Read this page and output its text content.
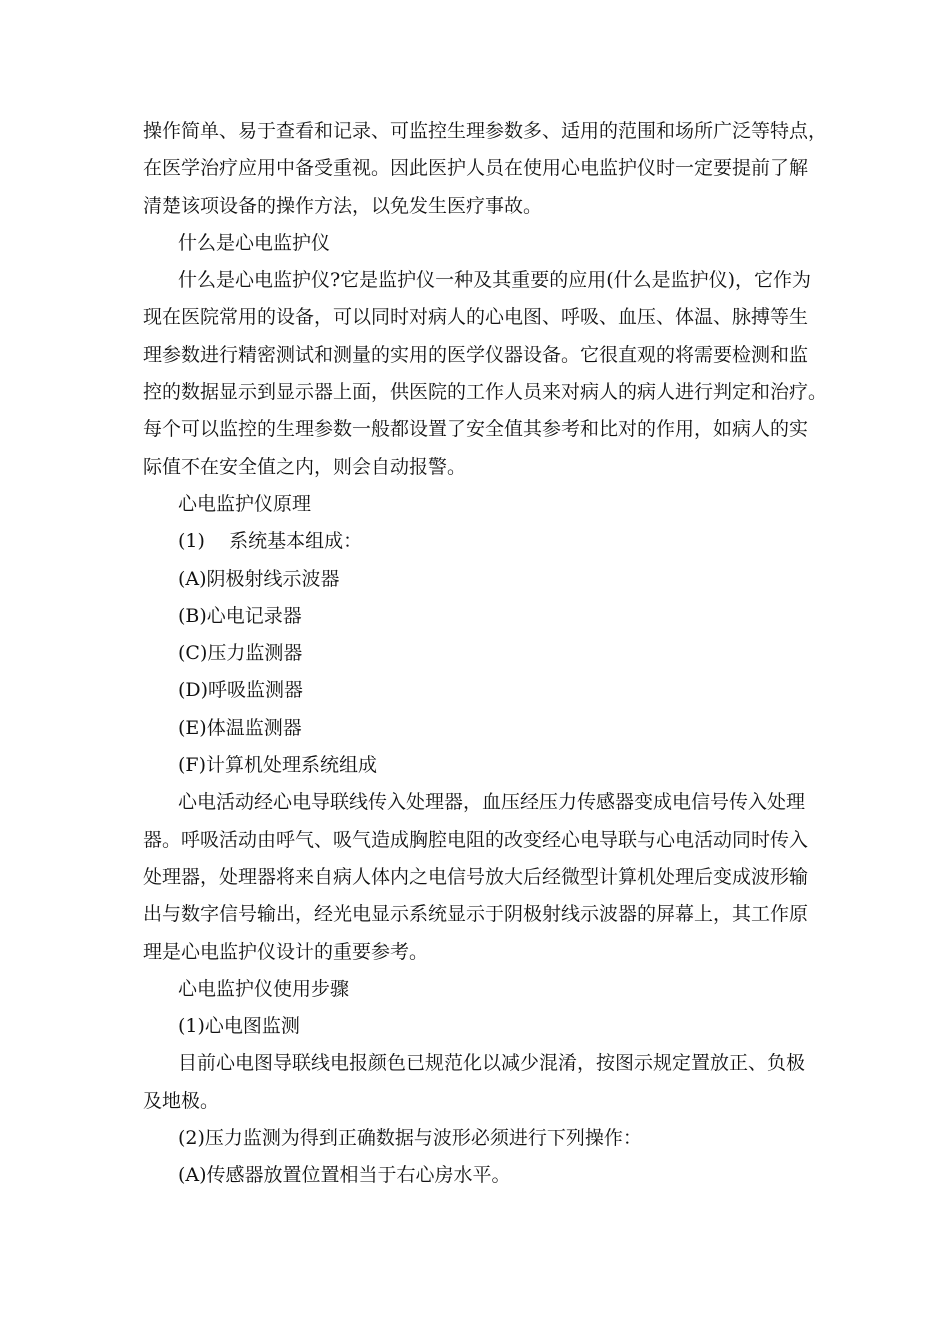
操作简单、易于查看和记录、可监控生理参数多、适用的范围和场所广泛等特点，

在医学治疗应用中备受重视。因此医护人员在使用心电监护仪时一定要提前了解

清楚该项设备的操作方法，以免发生医疗事故。

什么是心电监护仪

什么是心电监护仪?它是监护仪一种及其重要的应用(什么是监护仪)，它作为

现在医院常用的设备，可以同时对病人的心电图、呼吸、血压、体温、脉搏等生

理参数进行精密测试和测量的实用的医学仪器设备。它很直观的将需要检测和监

控的数据显示到显示器上面，供医院的工作人员来对病人的病人进行判定和治疗。

每个可以监控的生理参数一般都设置了安全值其参考和比对的作用，如病人的实

际值不在安全值之内，则会自动报警。

心电监护仪原理

(1)    系统基本组成：

(A)阴极射线示波器

(B)心电记录器

(C)压力监测器

(D)呼吸监测器

(E)体温监测器

(F)计算机处理系统组成

心电活动经心电导联线传入处理器，血压经压力传感器变成电信号传入处理

器。呼吸活动由呼气、吸气造成胸腔电阻的改变经心电导联与心电活动同时传入

处理器，处理器将来自病人体内之电信号放大后经微型计算机处理后变成波形输

出与数字信号输出，经光电显示系统显示于阴极射线示波器的屏幕上，其工作原

理是心电监护仪设计的重要参考。

心电监护仪使用步骤

(1)心电图监测

目前心电图导联线电报颜色已规范化以减少混淆，按图示规定置放正、负极

及地极。

(2)压力监测为得到正确数据与波形必须进行下列操作：

(A)传感器放置位置相当于右心房水平。
